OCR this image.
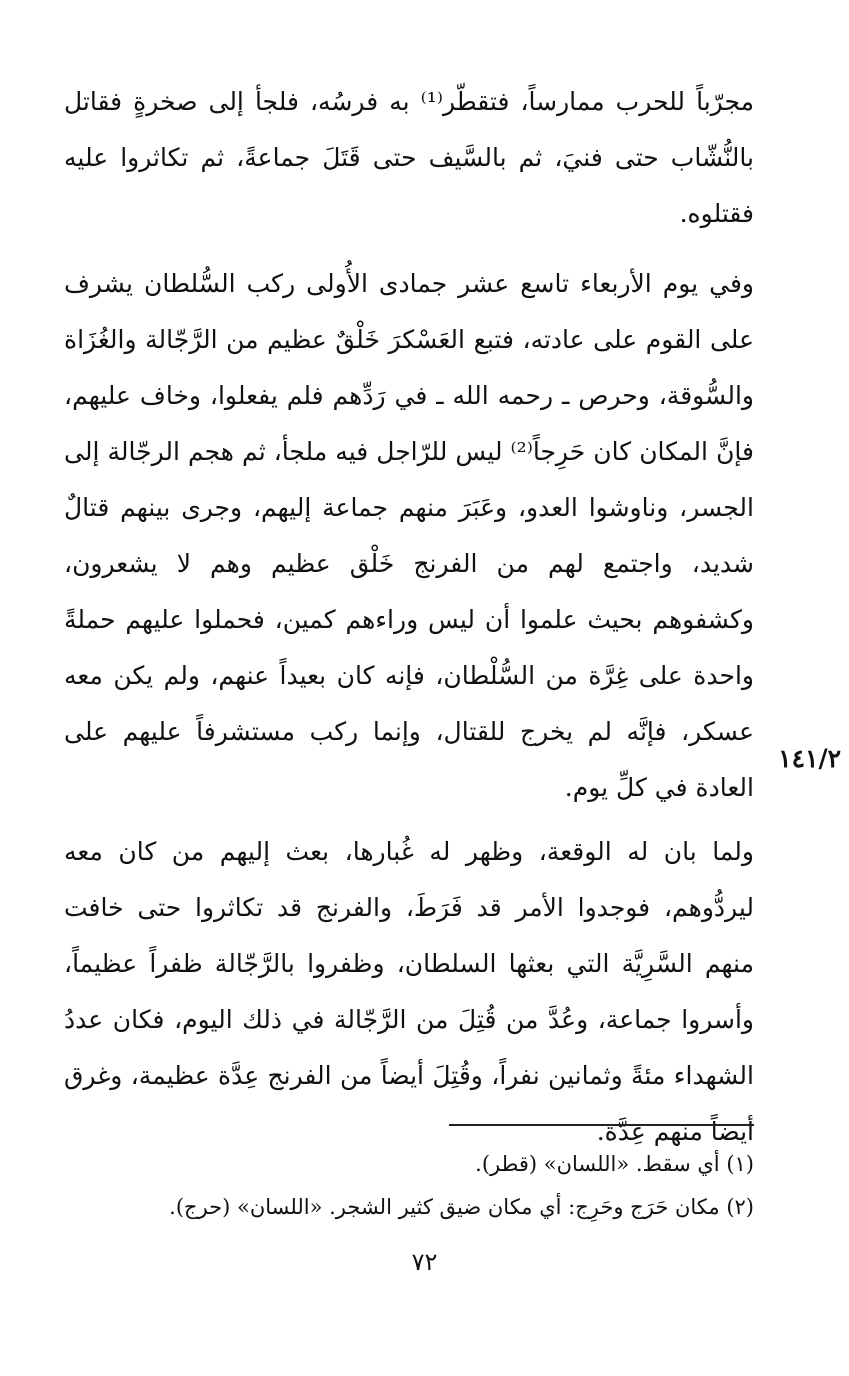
مجرّباً للحرب ممارساً، فتقطّر⁽¹⁾ به فرسُه، فلجأ إلى صخرةٍ فقاتل بالنُّشّاب حتى فنيَ، ثم بالسَّيف حتى قَتَلَ جماعةً، ثم تكاثروا عليه فقتلوه.

وفي يوم الأربعاء تاسع عشر جمادى الأُولى ركب السُّلطان يشرف على القوم على عادته، فتبع العَسْكرَ خَلْقٌ عظيم من الرَّجّالة والغُزَاة والسُّوقة، وحرص ـ رحمه الله ـ في رَدِّهم فلم يفعلوا، وخاف عليهم، فإنَّ المكان كان حَرِجاً⁽²⁾ ليس للرّاجل فيه ملجأ، ثم هجم الرجّالة إلى الجسر، وناوشوا العدو، وعَبَرَ منهم جماعة إليهم، وجرى بينهم قتالٌ شديد، واجتمع لهم من الفرنج خَلْق عظيم وهم لا يشعرون، وكشفوهم بحيث علموا أن ليس وراءهم كمين، فحملوا عليهم حملةً واحدة على غِرَّة من السُّلْطان، فإنه كان بعيداً عنهم، ولم يكن معه عسكر، فإنَّه لم يخرج للقتال، وإنما ركب مستشرفاً عليهم على العادة في كلِّ يوم.

١٤١/٢

ولما بان له الوقعة، وظهر له غُبارها، بعث إليهم من كان معه ليردُّوهم، فوجدوا الأمر قد فَرَطَ، والفرنج قد تكاثروا حتى خافت منهم السَّرِيَّة التي بعثها السلطان، وظفروا بالرَّجّالة ظفراً عظيماً، وأسروا جماعة، وعُدَّ من قُتِلَ من الرَّجّالة في ذلك اليوم، فكان عددُ الشهداء مئةً وثمانين نفراً، وقُتِلَ أيضاً من الفرنج عِدَّة عظيمة، وغرق أيضاً منهم عِدَّة.

(١) أي سقط. «اللسان» (قطر).

(٢) مكان حَرَج وحَرِج: أي مكان ضيق كثير الشجر. «اللسان» (حرج).

٧٢
